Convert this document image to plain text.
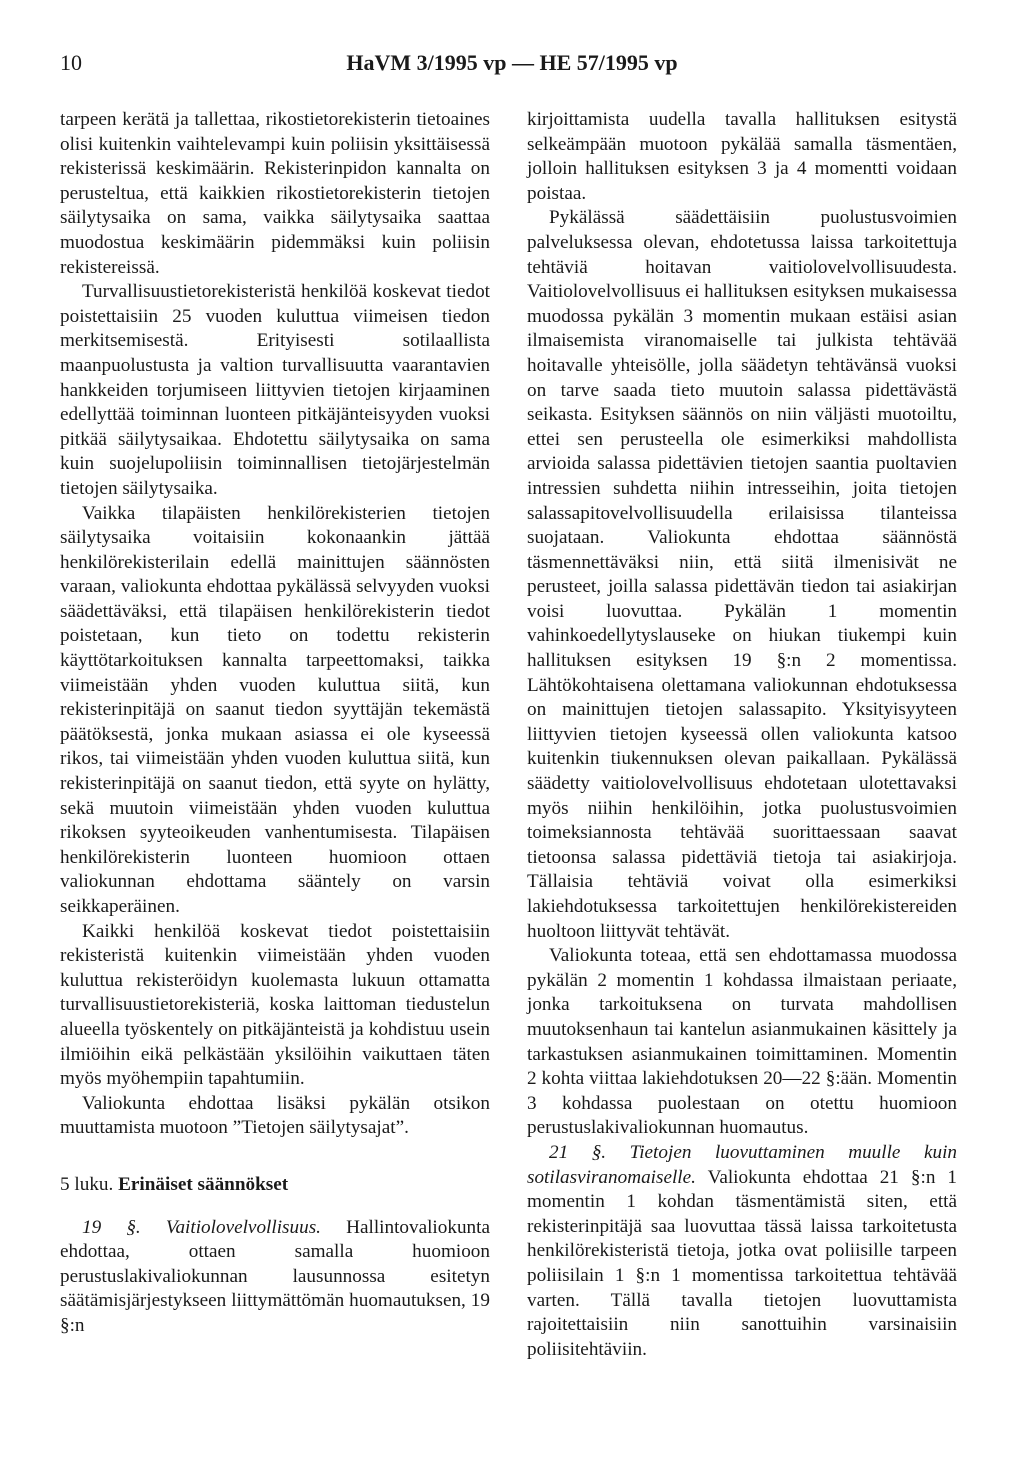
10	HaVM 3/1995 vp — HE 57/1995 vp

tarpeen kerätä ja tallettaa, rikostietorekisterin tietoaines olisi kuitenkin vaihtelevampi kuin poliisin yksittäisessä rekisterissä keskimäärin. Rekisterinpidon kannalta on perusteltua, että kaikkien rikostietorekisterin tietojen säilytysaika on sama, vaikka säilytysaika saattaa muodostua keskimäärin pidemmäksi kuin poliisin rekistereissä.

Turvallisuustietorekisteristä henkilöä koskevat tiedot poistettaisiin 25 vuoden kuluttua viimeisen tiedon merkitsemisestä. Erityisesti sotilaallista maanpuolustusta ja valtion turvallisuutta vaarantavien hankkeiden torjumiseen liittyvien tietojen kirjaaminen edellyttää toiminnan luonteen pitkäjänteisyyden vuoksi pitkää säilytysaikaa. Ehdotettu säilytysaika on sama kuin suojelupoliisin toiminnallisen tietojärjestelmän tietojen säilytysaika.

Vaikka tilapäisten henkilörekisterien tietojen säilytysaika voitaisiin kokonaankin jättää henkilörekisterilain edellä mainittujen säännösten varaan, valiokunta ehdottaa pykälässä selvyyden vuoksi säädettäväksi, että tilapäisen henkilörekisterin tiedot poistetaan, kun tieto on todettu rekisterin käyttötarkoituksen kannalta tarpeettomaksi, taikka viimeistään yhden vuoden kuluttua siitä, kun rekisterinpitäjä on saanut tiedon syyttäjän tekemästä päätöksestä, jonka mukaan asiassa ei ole kyseessä rikos, tai viimeistään yhden vuoden kuluttua siitä, kun rekisterinpitäjä on saanut tiedon, että syyte on hylätty, sekä muutoin viimeistään yhden vuoden kuluttua rikoksen syyteoikeuden vanhentumisesta. Tilapäisen henkilörekisterin luonteen huomioon ottaen valiokunnan ehdottama sääntely on varsin seikkaperäinen.

Kaikki henkilöä koskevat tiedot poistettaisiin rekisteristä kuitenkin viimeistään yhden vuoden kuluttua rekisteröidyn kuolemasta lukuun ottamatta turvallisuustietorekisteriä, koska laittoman tiedustelun alueella työskentely on pitkäjänteistä ja kohdistuu usein ilmiöihin eikä pelkästään yksilöihin vaikuttaen täten myös myöhempiin tapahtumiin.

Valiokunta ehdottaa lisäksi pykälän otsikon muuttamista muotoon ”Tietojen säilytysajat”.

5 luku. Erinäiset säännökset

19 §. Vaitiolovelvollisuus. Hallintovaliokunta ehdottaa, ottaen samalla huomioon perustuslakivaliokunnan lausunnossa esitetyn säätämisjärjestykseen liittymättömän huomautuksen, 19 §:n

kirjoittamista uudella tavalla hallituksen esitystä selkeämpään muotoon pykälää samalla täsmentäen, jolloin hallituksen esityksen 3 ja 4 momentti voidaan poistaa.

Pykälässä säädettäisiin puolustusvoimien palveluksessa olevan, ehdotetussa laissa tarkoitettuja tehtäviä hoitavan vaitiolovelvollisuudesta. Vaitiolovelvollisuus ei hallituksen esityksen mukaisessa muodossa pykälän 3 momentin mukaan estäisi asian ilmaisemista viranomaiselle tai julkista tehtävää hoitavalle yhteisölle, jolla säädetyn tehtävänsä vuoksi on tarve saada tieto muutoin salassa pidettävästä seikasta. Esityksen säännös on niin väljästi muotoiltu, ettei sen perusteella ole esimerkiksi mahdollista arvioida salassa pidettävien tietojen saantia puoltavien intressien suhdetta niihin intresseihin, joita tietojen salassapitovelvollisuudella erilaisissa tilanteissa suojataan. Valiokunta ehdottaa säännöstä täsmennettäväksi niin, että siitä ilmenisivät ne perusteet, joilla salassa pidettävän tiedon tai asiakirjan voisi luovuttaa. Pykälän 1 momentin vahinkoedellytyslauseke on hiukan tiukempi kuin hallituksen esityksen 19 §:n 2 momentissa. Lähtökohtaisena olettamana valiokunnan ehdotuksessa on mainittujen tietojen salassapito. Yksityisyyteen liittyvien tietojen kyseessä ollen valiokunta katsoo kuitenkin tiukennuksen olevan paikallaan. Pykälässä säädetty vaitiolovelvollisuus ehdotetaan ulotettavaksi myös niihin henkilöihin, jotka puolustusvoimien toimeksiannosta tehtävää suorittaessaan saavat tietoonsa salassa pidettäviä tietoja tai asiakirjoja. Tällaisia tehtäviä voivat olla esimerkiksi lakiehdotuksessa tarkoitettujen henkilörekistereiden huoltoon liittyvät tehtävät.

Valiokunta toteaa, että sen ehdottamassa muodossa pykälän 2 momentin 1 kohdassa ilmaistaan periaate, jonka tarkoituksena on turvata mahdollisen muutoksenhaun tai kantelun asianmukainen käsittely ja tarkastuksen asianmukainen toimittaminen. Momentin 2 kohta viittaa lakiehdotuksen 20—22 §:ään. Momentin 3 kohdassa puolestaan on otettu huomioon perustuslakivaliokunnan huomautus.

21 §. Tietojen luovuttaminen muulle kuin sotilasviranomaiselle. Valiokunta ehdottaa 21 §:n 1 momentin 1 kohdan täsmentämistä siten, että rekisterinpitäjä saa luovuttaa tässä laissa tarkoitetusta henkilörekisteristä tietoja, jotka ovat poliisille tarpeen poliisilain 1 §:n 1 momentissa tarkoitettua tehtävää varten. Tällä tavalla tietojen luovuttamista rajoitettaisiin niin sanottuihin varsinaisiin poliisitehtäviin.
